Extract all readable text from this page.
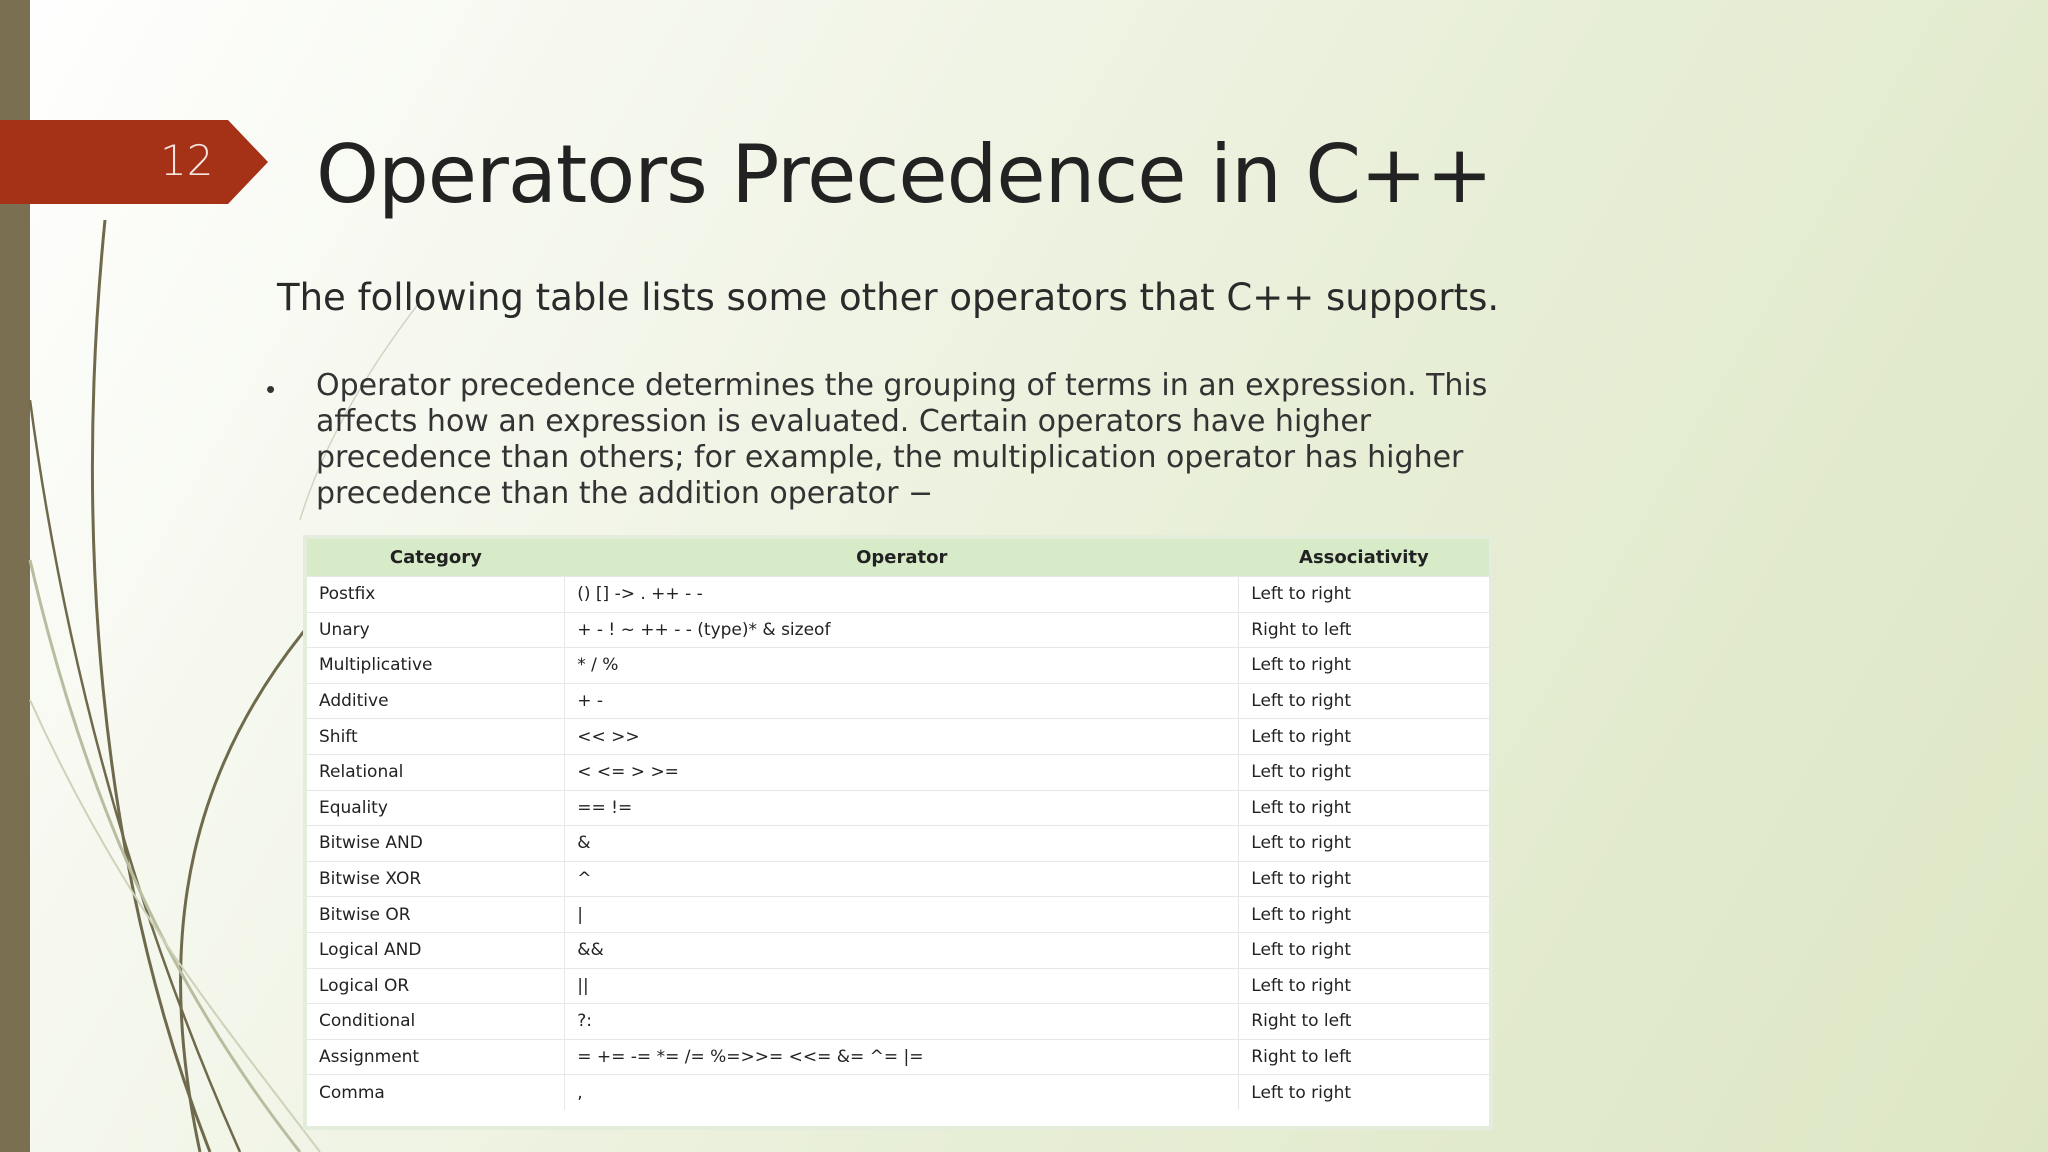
12 Operators Precedence in C++

The following table lists some other operators that C++ supports.

• Operator precedence determines the grouping of terms in an expression. This affects how an expression is evaluated. Certain operators have higher precedence than others; for example, the multiplication operator has higher precedence than the addition operator −

Category	Operator	Associativity
Postfix	() [] -> . ++ - -	Left to right
Unary	+ - ! ~ ++ - - (type)* & sizeof	Right to left
Multiplicative	* / %	Left to right
Additive	+ -	Left to right
Shift	<< >>	Left to right
Relational	< <= > >=	Left to right
Equality	== !=	Left to right
Bitwise AND	&	Left to right
Bitwise XOR	^	Left to right
Bitwise OR	|	Left to right
Logical AND	&&	Left to right
Logical OR	||	Left to right
Conditional	?:	Right to left
Assignment	= += -= *= /= %=>>= <<= &= ^= |=	Right to left
Comma	,	Left to right
